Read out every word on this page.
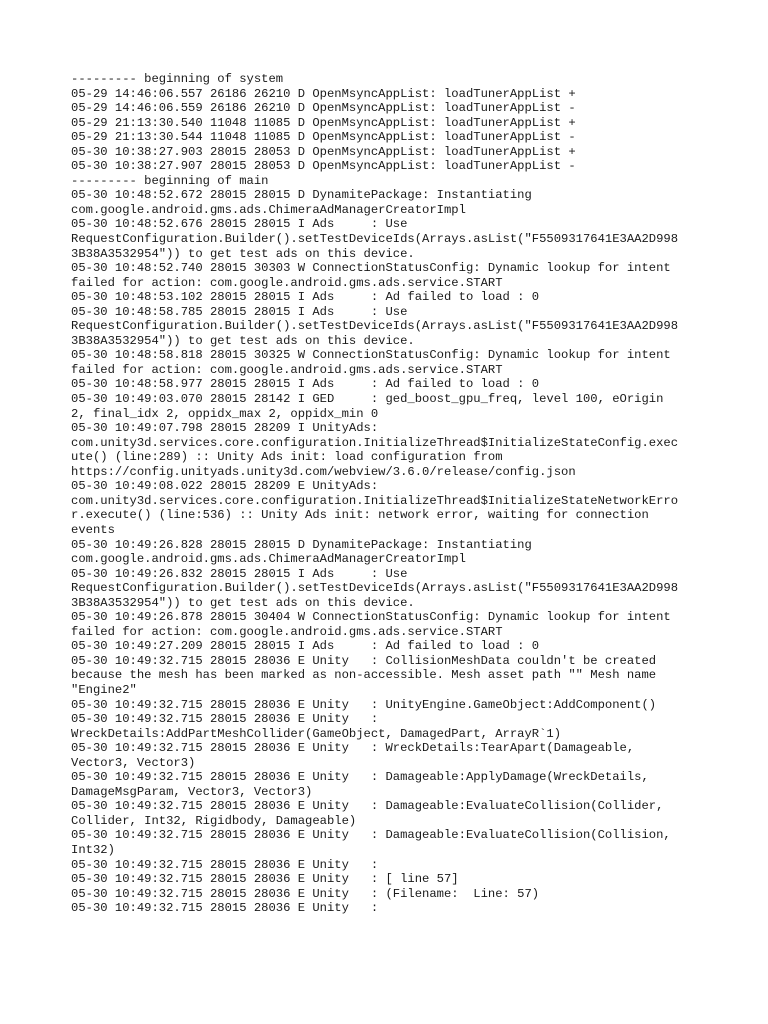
--------- beginning of system
05-29 14:46:06.557 26186 26210 D OpenMsyncAppList: loadTunerAppList +
05-29 14:46:06.559 26186 26210 D OpenMsyncAppList: loadTunerAppList -
05-29 21:13:30.540 11048 11085 D OpenMsyncAppList: loadTunerAppList +
05-29 21:13:30.544 11048 11085 D OpenMsyncAppList: loadTunerAppList -
05-30 10:38:27.903 28015 28053 D OpenMsyncAppList: loadTunerAppList +
05-30 10:38:27.907 28015 28053 D OpenMsyncAppList: loadTunerAppList -
--------- beginning of main
05-30 10:48:52.672 28015 28015 D DynamitePackage: Instantiating
com.google.android.gms.ads.ChimeraAdManagerCreatorImpl
05-30 10:48:52.676 28015 28015 I Ads     : Use
RequestConfiguration.Builder().setTestDeviceIds(Arrays.asList("F5509317641E3AA2D998
3B38A3532954")) to get test ads on this device.
05-30 10:48:52.740 28015 30303 W ConnectionStatusConfig: Dynamic lookup for intent
failed for action: com.google.android.gms.ads.service.START
05-30 10:48:53.102 28015 28015 I Ads     : Ad failed to load : 0
05-30 10:48:58.785 28015 28015 I Ads     : Use
RequestConfiguration.Builder().setTestDeviceIds(Arrays.asList("F5509317641E3AA2D998
3B38A3532954")) to get test ads on this device.
05-30 10:48:58.818 28015 30325 W ConnectionStatusConfig: Dynamic lookup for intent
failed for action: com.google.android.gms.ads.service.START
05-30 10:48:58.977 28015 28015 I Ads     : Ad failed to load : 0
05-30 10:49:03.070 28015 28142 I GED     : ged_boost_gpu_freq, level 100, eOrigin
2, final_idx 2, oppidx_max 2, oppidx_min 0
05-30 10:49:07.798 28015 28209 I UnityAds:
com.unity3d.services.core.configuration.InitializeThread$InitializeStateConfig.exec
ute() (line:289) :: Unity Ads init: load configuration from
https://config.unityads.unity3d.com/webview/3.6.0/release/config.json
05-30 10:49:08.022 28015 28209 E UnityAds:
com.unity3d.services.core.configuration.InitializeThread$InitializeStateNetworkErro
r.execute() (line:536) :: Unity Ads init: network error, waiting for connection
events
05-30 10:49:26.828 28015 28015 D DynamitePackage: Instantiating
com.google.android.gms.ads.ChimeraAdManagerCreatorImpl
05-30 10:49:26.832 28015 28015 I Ads     : Use
RequestConfiguration.Builder().setTestDeviceIds(Arrays.asList("F5509317641E3AA2D998
3B38A3532954")) to get test ads on this device.
05-30 10:49:26.878 28015 30404 W ConnectionStatusConfig: Dynamic lookup for intent
failed for action: com.google.android.gms.ads.service.START
05-30 10:49:27.209 28015 28015 I Ads     : Ad failed to load : 0
05-30 10:49:32.715 28015 28036 E Unity   : CollisionMeshData couldn't be created
because the mesh has been marked as non-accessible. Mesh asset path "" Mesh name
"Engine2"
05-30 10:49:32.715 28015 28036 E Unity   : UnityEngine.GameObject:AddComponent()
05-30 10:49:32.715 28015 28036 E Unity   :
WreckDetails:AddPartMeshCollider(GameObject, DamagedPart, ArrayR`1)
05-30 10:49:32.715 28015 28036 E Unity   : WreckDetails:TearApart(Damageable,
Vector3, Vector3)
05-30 10:49:32.715 28015 28036 E Unity   : Damageable:ApplyDamage(WreckDetails,
DamageMsgParam, Vector3, Vector3)
05-30 10:49:32.715 28015 28036 E Unity   : Damageable:EvaluateCollision(Collider,
Collider, Int32, Rigidbody, Damageable)
05-30 10:49:32.715 28015 28036 E Unity   : Damageable:EvaluateCollision(Collision,
Int32)
05-30 10:49:32.715 28015 28036 E Unity   :
05-30 10:49:32.715 28015 28036 E Unity   : [ line 57]
05-30 10:49:32.715 28015 28036 E Unity   : (Filename:  Line: 57)
05-30 10:49:32.715 28015 28036 E Unity   :
